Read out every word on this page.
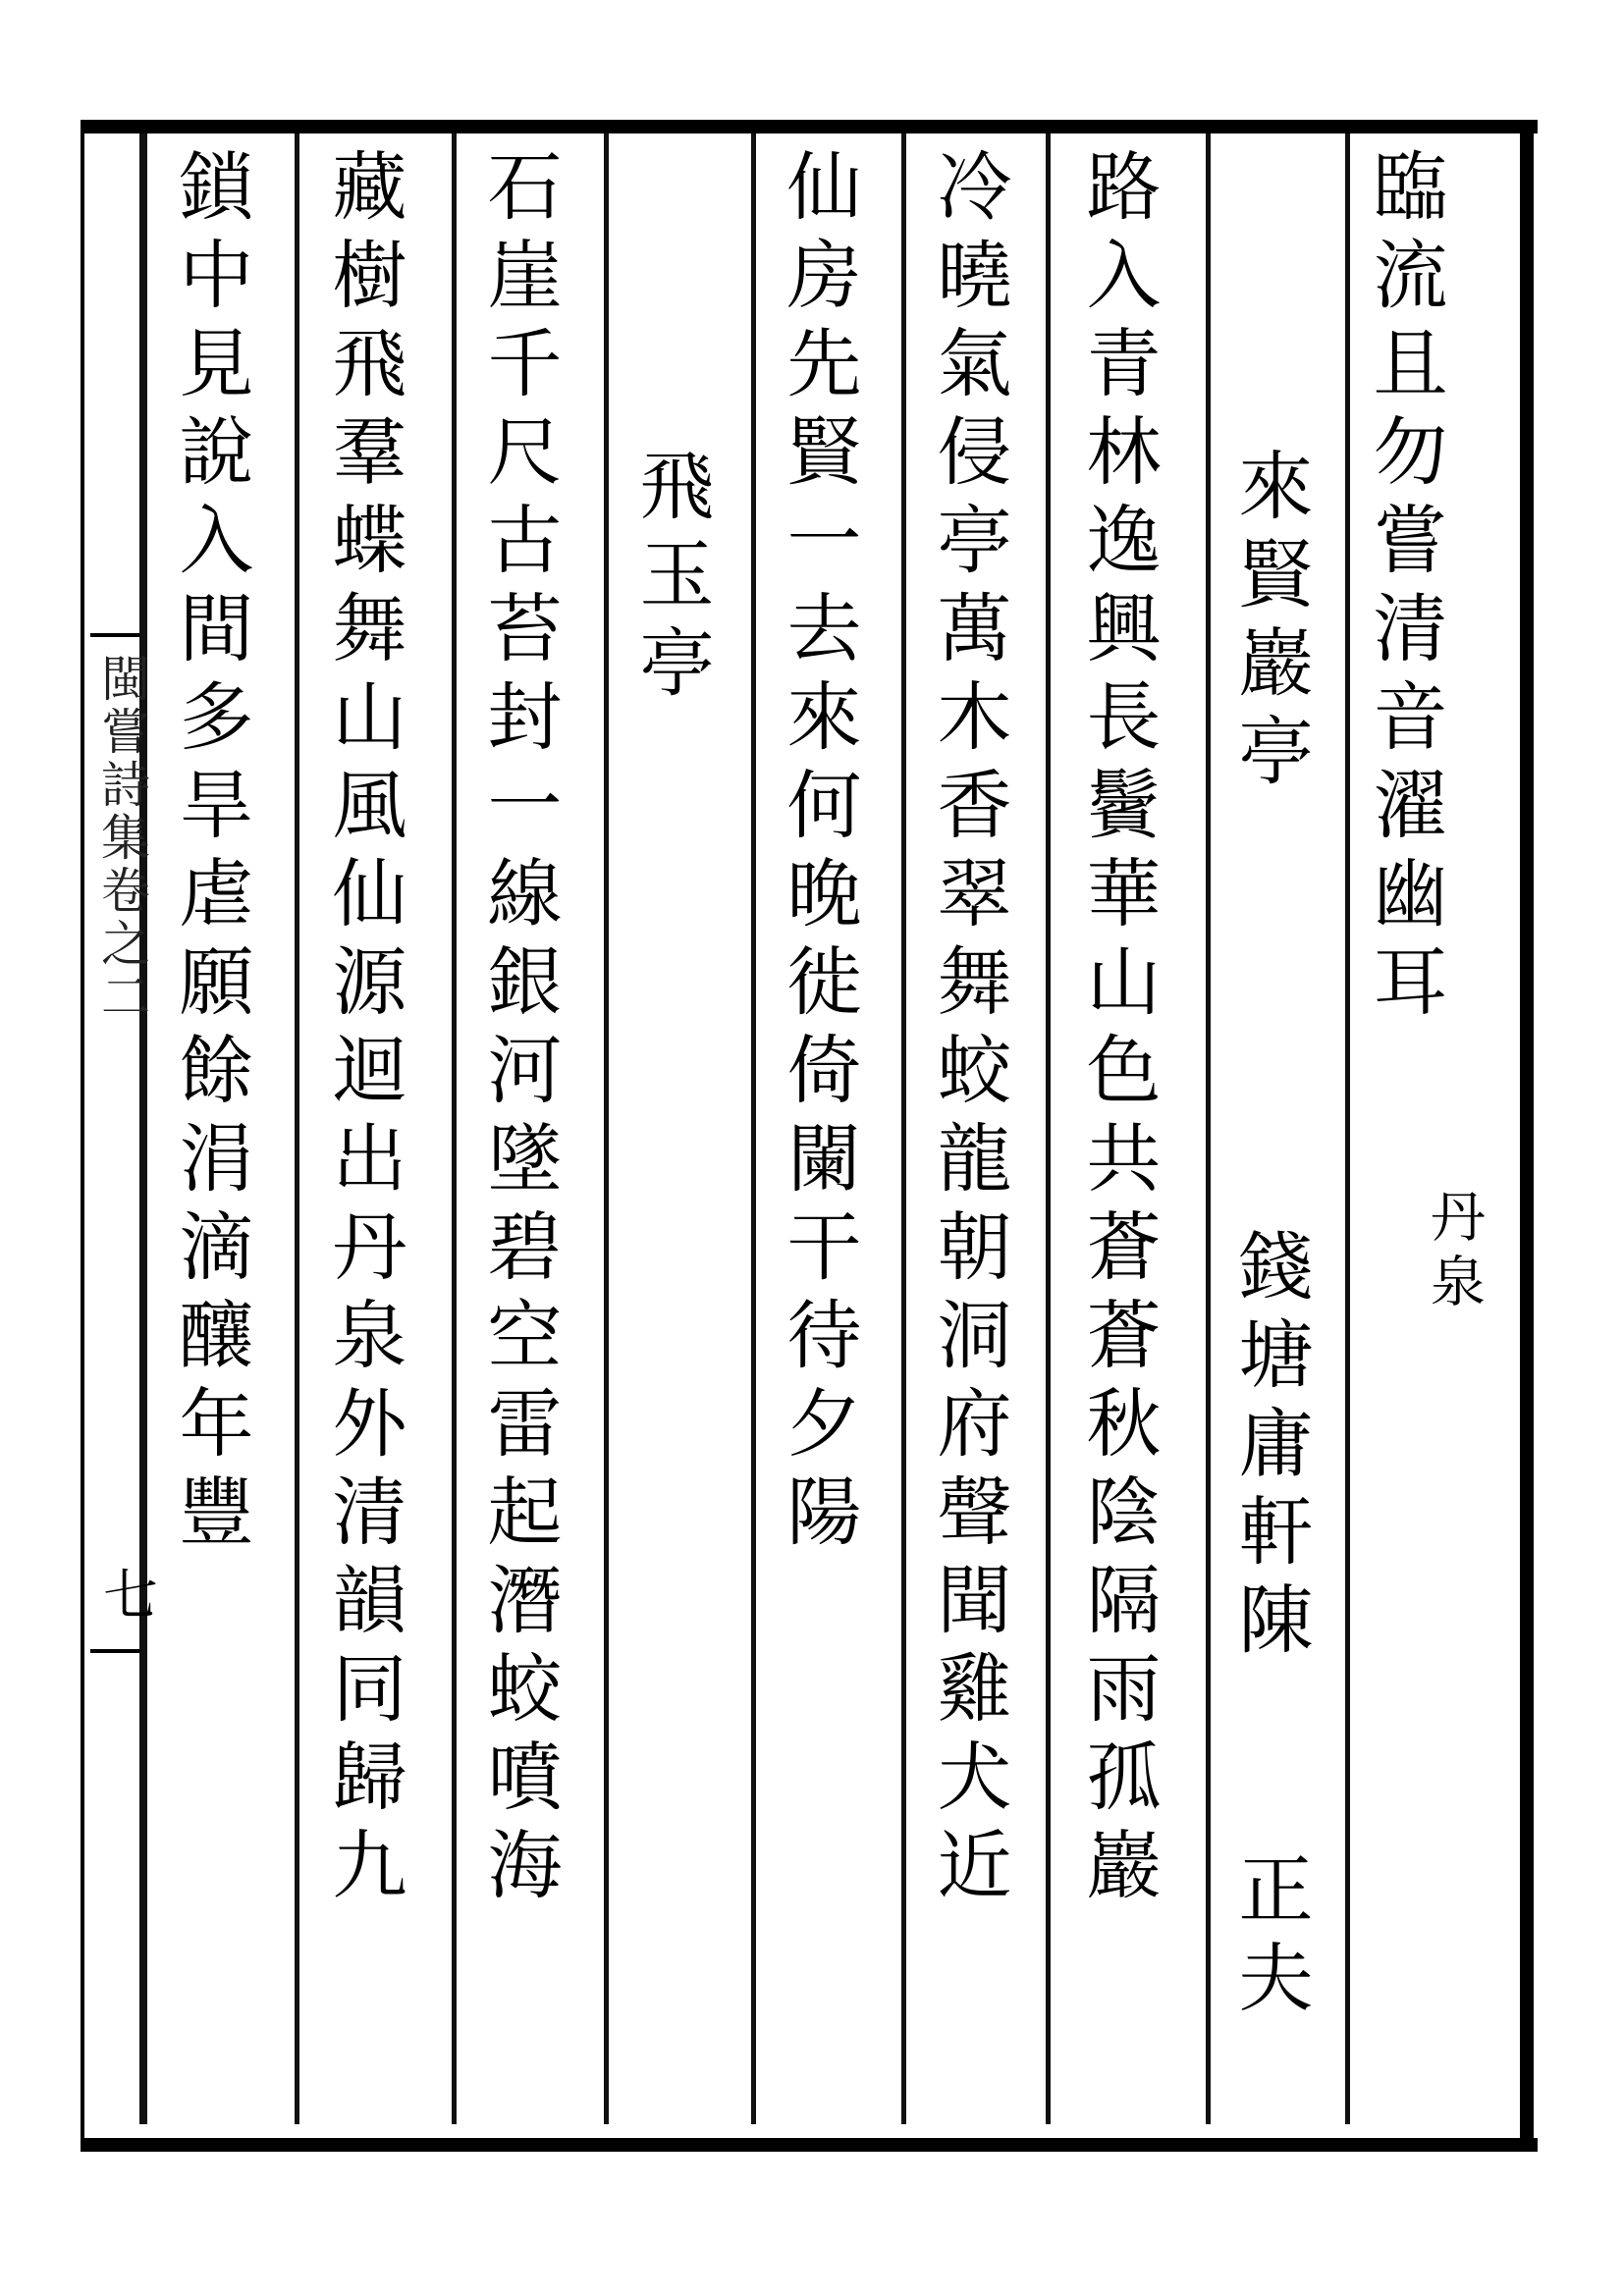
閩嘗詩集卷之二
七
臨流且勿嘗清音濯幽耳
丹泉
來賢巖亭
錢塘庸軒陳
正夫
路入青林逸興長鬢華山色共蒼蒼秋陰隔雨孤巖
冷曉氣侵亭萬木香翠舞蛟龍朝洞府聲聞雞犬近
仙房先賢一去來何晚徙倚闌干待夕陽
飛玉亭
石崖千尺古苔封一線銀河墜碧空雷起潛蛟噴海
藏樹飛羣蝶舞山風仙源迴出丹泉外清韻同歸九
鎖中見說入間多旱虐願餘涓滴釀年豐
